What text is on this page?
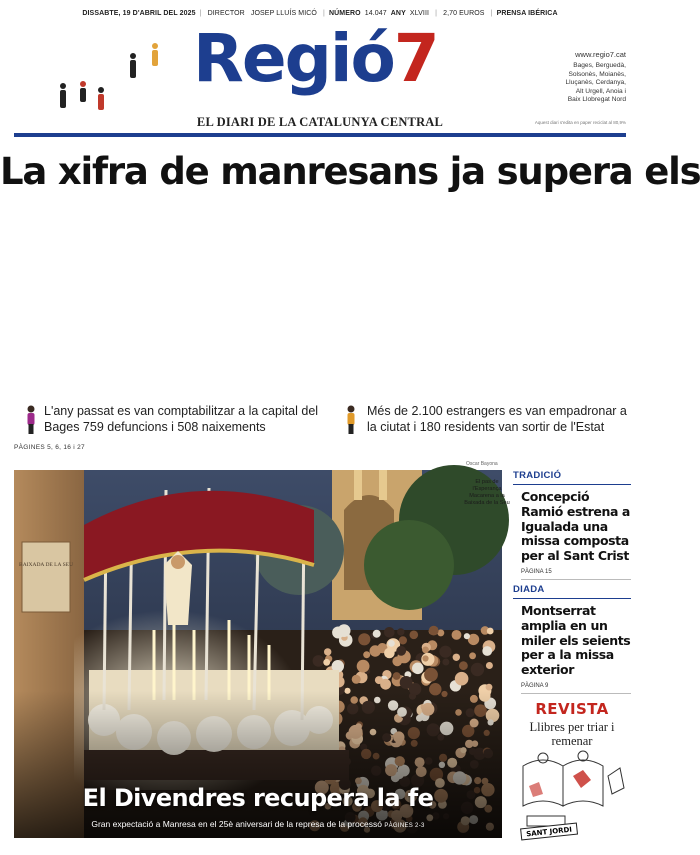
DISSABTE, 19 D'ABRIL DEL 2025 | DIRECTOR JOSEP LLUÍS MICÓ | NÚMERO 14.047 ANY XLVIII | 2,70 EUROS | PRENSA IBÉRICA
Regió7	www.regio7.cat
Bages, Berguedà,
Solsonès, Moianès,
Lluçanès, Cerdanya,
Alt Urgell, Anoia i
Baix Llobregat Nord
EL DIARI DE LA CATALUNYA CENTRAL	Aquest diari s'edita en paper reciclat al 80,9%
La xifra de manresans ja supera els

L'any passat es van comptabilitzar a la capital del Bages 759 defuncions i 508 naixements

Més de 2.100 estrangers es van empadronar a la ciutat i 180 residents van sortir de l'Estat

PÀGINES 5, 6, 16 i 27
Oscar Bayona
El pas de l'Esperança Macarena a la Baixada de la Seu
El Divendres recupera la fe
Gran expectació a Manresa en el 25è aniversari de la represa de la processó PÀGINES 2-3
TRADICIÓ
Concepció Ramió estrena a Igualada una missa composta per al Sant Crist
PÀGINA 15
DIADA
Montserrat amplia en un miler els seients per a la missa exterior
PÀGINA 9
REVISTA
Llibres per triar i remenar
SANT JORDI
